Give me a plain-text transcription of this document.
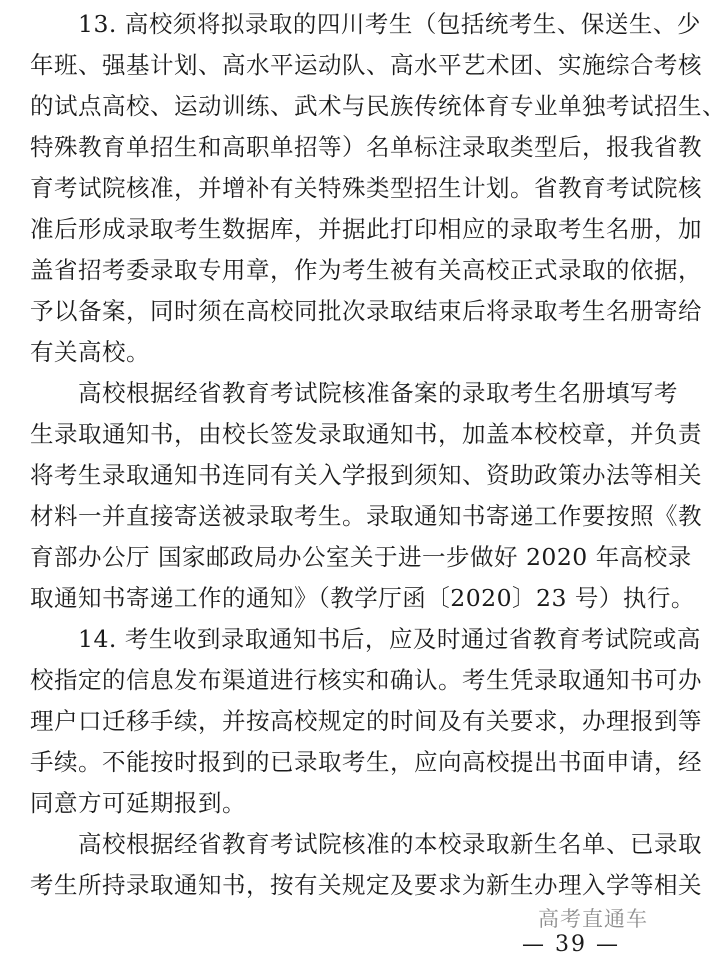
13. 高校须将拟录取的四川考生（包括统考生、保送生、少
年班、强基计划、高水平运动队、高水平艺术团、实施综合考核
的试点高校、运动训练、武术与民族传统体育专业单独考试招生、
特殊教育单招生和高职单招等）名单标注录取类型后，报我省教
育考试院核准，并增补有关特殊类型招生计划。省教育考试院核
准后形成录取考生数据库，并据此打印相应的录取考生名册，加
盖省招考委录取专用章，作为考生被有关高校正式录取的依据，
予以备案，同时须在高校同批次录取结束后将录取考生名册寄给
有关高校。
高校根据经省教育考试院核准备案的录取考生名册填写考
生录取通知书，由校长签发录取通知书，加盖本校校章，并负责
将考生录取通知书连同有关入学报到须知、资助政策办法等相关
材料一并直接寄送被录取考生。录取通知书寄递工作要按照《教
育部办公厅 国家邮政局办公室关于进一步做好 2020 年高校录
取通知书寄递工作的通知》（教学厅函〔2020〕23 号）执行。
14. 考生收到录取通知书后，应及时通过省教育考试院或高
校指定的信息发布渠道进行核实和确认。考生凭录取通知书可办
理户口迁移手续，并按高校规定的时间及有关要求，办理报到等
手续。不能按时报到的已录取考生，应向高校提出书面申请，经
同意方可延期报到。
高校根据经省教育考试院核准的本校录取新生名单、已录取
考生所持录取通知书，按有关规定及要求为新生办理入学等相关
高考直通车
— 39 —
